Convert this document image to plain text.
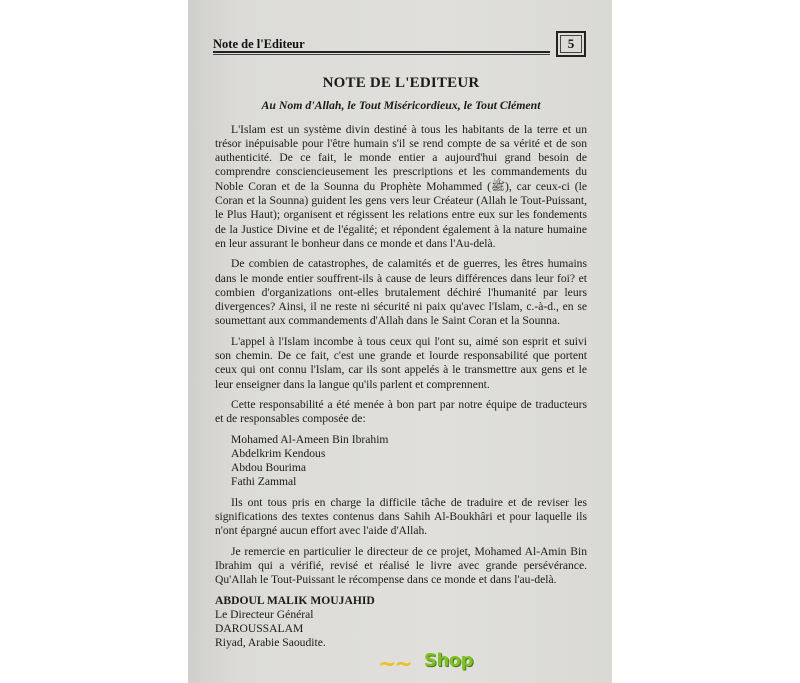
Note de l'Editeur	5
NOTE DE L'EDITEUR
Au Nom d'Allah, le Tout Miséricordieux, le Tout Clément

L'Islam est un système divin destiné à tous les habitants de la terre et un trésor inépuisable pour l'être humain s'il se rend compte de sa vérité et de son authenticité. De ce fait, le monde entier a aujourd'hui grand besoin de comprendre consciencieusement les prescriptions et les commandements du Noble Coran et de la Sounna du Prophète Mohammed (ﷺ), car ceux-ci (le Coran et la Sounna) guident les gens vers leur Créateur (Allah le Tout-Puissant, le Plus Haut); organisent et régissent les relations entre eux sur les fondements de la Justice Divine et de l'égalité; et répondent également à la nature humaine en leur assurant le bonheur dans ce monde et dans l'Au-delà.

De combien de catastrophes, de calamités et de guerres, les êtres humains dans le monde entier souffrent-ils à cause de leurs différences dans leur foi? et combien d'organizations ont-elles brutalement déchiré l'humanité par leurs divergences? Ainsi, il ne reste ni sécurité ni paix qu'avec l'Islam, c.-à-d., en se soumettant aux commandements d'Allah dans le Saint Coran et la Sounna.

L'appel à l'Islam incombe à tous ceux qui l'ont su, aimé son esprit et suivi son chemin. De ce fait, c'est une grande et lourde responsabilité que portent ceux qui ont connu l'Islam, car ils sont appelés à le transmettre aux gens et le leur enseigner dans la langue qu'ils parlent et comprennent.

Cette responsabilité a été menée à bon part par notre équipe de traducteurs et de responsables composée de:

Mohamed Al-Ameen Bin Ibrahim
Abdelkrim Kendous
Abdou Bourima
Fathi Zammal

Ils ont tous pris en charge la difficile tâche de traduire et de reviser les significations des textes contenus dans Sahih Al-Boukhâri et pour laquelle ils n'ont épargné aucun effort avec l'aide d'Allah.

Je remercie en particulier le directeur de ce projet, Mohamed Al-Amin Bin Ibrahim qui a vérifié, revisé et réalisé le livre avec grande persévérance. Qu'Allah le Tout-Puissant le récompense dans ce monde et dans l'au-delà.

ABDOUL MALIK MOUJAHID
Le Directeur Général
DAROUSSALAM
Riyad, Arabie Saoudite.
~~ Shop
